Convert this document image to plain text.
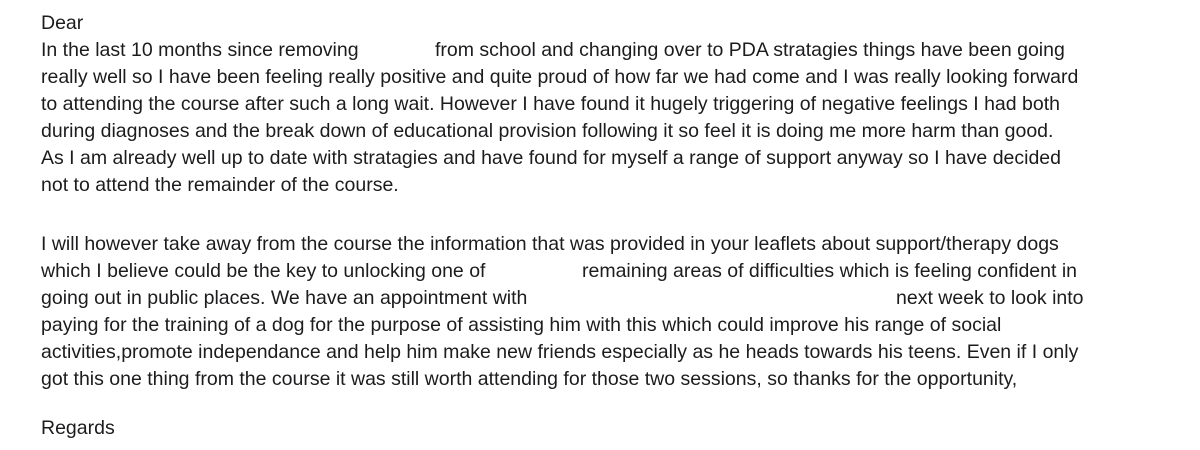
Dear

In the last 10 months since removing

	from school and changing over to PDA stratagies things have been going

really well so I have been feeling really positive and quite proud of how far we had come and I was really looking forward
to attending the course after such a long wait. However I have found it hugely triggering of negative feelings I had both
during diagnoses and the break down of educational provision following it so feel it is doing me more harm than good.
As I am already well up to date with stratagies and have found for myself a range of support anyway so I have decided
not to attend the remainder of the course.
I will however take away from the course the information that was provided in your leaflets about support/therapy dogs

which I believe could be the key to unlocking one of

	remaining areas of difficulties which is feeling confident in

going out in public places. We have an appointment with

	next week to look into

paying for the training of a dog for the purpose of assisting him with this which could improve his range of social
activities,promote independance and help him make new friends especially as he heads towards his teens. Even if I only
got this one thing from the course it was still worth attending for those two sessions, so thanks for the opportunity,
Regards
